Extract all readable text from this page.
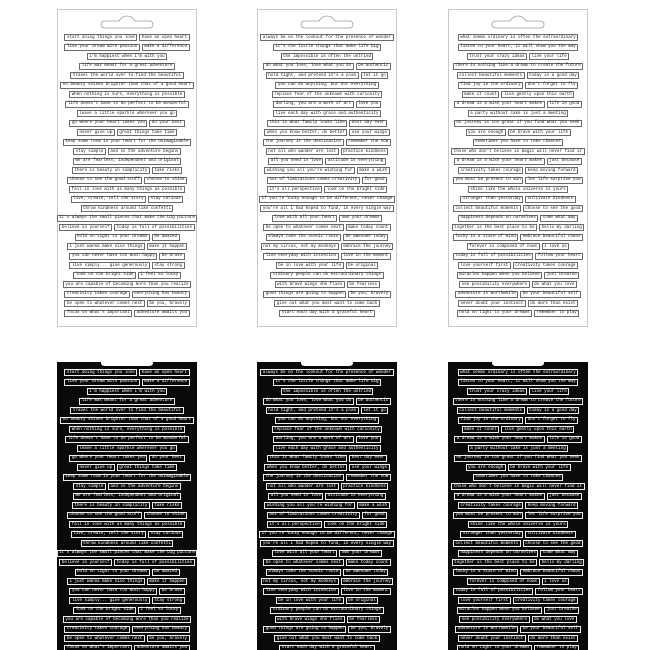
start doing things you love	have an open heart
live your dream with passion	make a difference
i'm happiest when i'm with you
life was meant for a great adventure
travel the world over to find the beautiful
no beauty shines brighter than that of a good heart
when nothing is sure, everything is possible
life doesn't have to be perfect to be wonderful
leave a little sparkle wherever you go
go where your heart takes you	do your best
never give up	great things take time
keep some room in your heart for the unimaginable
stay simple	and so the adventure begins
we are fearless, independent and original
there is beauty in simplicity	take risks
choose to see the good stuff	choose to shine
fall in love with as many things as possible
live, create, tell the story	stay curious
throw kindness around like confetti
it's always the small pieces that make the big picture
believe in yourself	today is full of possibilities
hold on tight to your dreams	be amazed
i just wanna make nice things	make it happen
you can never have too much happy	be brave
live simply... give generously	stay strong
look on the bright side	i feel so lucky
you are capable of becoming more than you realize
creativity takes courage	everything has beauty
be open to whatever comes next	be you, bravely
focus on what's important	adventure awaits you
always be on the lookout for the presence of wonder
it's the little things that make life big
the impossible is often the untried
do what you love, love what you do	be authentic
hold tight, and pretend it's a plan	let it go
you can do anything, but not everything
replace fear of the unknown with curiosity
darling, you are a work of art	love you
live each day with grace and authenticity
this is what family looks like	best day ever
when you know better, do better	use your wings
the journey is the destination	remember the now
not all who wander are lost	practice kindness
all you need is love	attitude is everything
wishing you all you're wishing for	make a wish
out of limitations comes creativity	for good
it's all perspective	look on the bright side
if you're lucky enough to be different, never change
you're all i had hoped to find, in every single way
love with all your heart	own your dreams
be open to whatever comes next	make today count
always take the scenic route	be awesome today
not my circus, not my monkeys	embrace the journey
live everyday with intention	live in the moment
be in love with your life	be original
ordinary people can do extraordinary things
with brave wings she flies	be fearless
good things are going to happen	be you, bravely
give out what you most want to come back
start each day with a grateful heart
what seems ordinary is often the extraordinary
listen to your heart, it will show you the way
trust your crazy ideas	live your life
there is nothing like a dream to create the future
collect beautiful moments	today is a good day
find joy in the ordinary	don't forget to fly
make it count	live gently upon this earth
a dream is a wish your heart makes	life is good
a party without cake is just a meeting
no journey is too great if you find what you seek
you are enough	be brave with your life
sometimes you have to take chances
those who don't believe in magic will never find it
a dream is a wish your heart makes	just because
creativity takes courage	keep moving forward
you must be present to win	let life surprise you
shine like the whole universe is yours
stronger than yesterday	cultivate kindness
collect beautiful moments	choose to see the good
happiness depends on ourselves	come what may
together is the best place to be	hello my darling
lucky is a state of mind	embrace beautiful chaos
forever is composed of nows	i love us
today is full of possibilities	follow your heart
love yourself first	creativity takes courage
miracles happen when you believe	just breathe
see possibility everywhere	do what you love
adventure is worthwhile	be your beautiful self
never doubt your instinct	do more than exist
hold on tight to your dreams	remember to play
start doing things you love	have an open heart
live your dream with passion	make a difference
i'm happiest when i'm with you
life was meant for a great adventure
travel the world over to find the beautiful
no beauty shines brighter than that of a good heart
when nothing is sure, everything is possible
life doesn't have to be perfect to be wonderful
leave a little sparkle wherever you go
go where your heart takes you	do your best
never give up	great things take time
keep some room in your heart for the unimaginable
stay simple	and so the adventure begins
we are fearless, independent and original
there is beauty in simplicity	take risks
choose to see the good stuff	choose to shine
fall in love with as many things as possible
live, create, tell the story	stay curious
throw kindness around like confetti
it's always the small pieces that make the big picture
believe in yourself	today is full of possibilities
hold on tight to your dreams	be amazed
i just wanna make nice things	make it happen
you can never have too much happy	be brave
live simply... give generously	stay strong
look on the bright side	i feel so lucky
you are capable of becoming more than you realize
creativity takes courage	everything has beauty
be open to whatever comes next	be you, bravely
focus on what's important	adventure awaits you
always be on the lookout for the presence of wonder
it's the little things that make life big
the impossible is often the untried
do what you love, love what you do	be authentic
hold tight, and pretend it's a plan	let it go
you can do anything, but not everything
replace fear of the unknown with curiosity
darling, you are a work of art	love you
live each day with grace and authenticity
this is what family looks like	best day ever
when you know better, do better	use your wings
the journey is the destination	remember the now
not all who wander are lost	practice kindness
all you need is love	attitude is everything
wishing you all you're wishing for	make a wish
out of limitations comes creativity	for good
it's all perspective	look on the bright side
if you're lucky enough to be different, never change
you're all i had hoped to find, in every single way
love with all your heart	own your dreams
be open to whatever comes next	make today count
always take the scenic route	be awesome today
not my circus, not my monkeys	embrace the journey
live everyday with intention	live in the moment
be in love with your life	be original
ordinary people can do extraordinary things
with brave wings she flies	be fearless
good things are going to happen	be you, bravely
give out what you most want to come back
start each day with a grateful heart
what seems ordinary is often the extraordinary
listen to your heart, it will show you the way
trust your crazy ideas	live your life
there is nothing like a dream to create the future
collect beautiful moments	today is a good day
find joy in the ordinary	don't forget to fly
make it count	live gently upon this earth
a dream is a wish your heart makes	life is good
a party without cake is just a meeting
no journey is too great if you find what you seek
you are enough	be brave with your life
sometimes you have to take chances
those who don't believe in magic will never find it
a dream is a wish your heart makes	just because
creativity takes courage	keep moving forward
you must be present to win	let life surprise you
shine like the whole universe is yours
stronger than yesterday	cultivate kindness
collect beautiful moments	choose to see the good
happiness depends on ourselves	come what may
together is the best place to be	hello my darling
lucky is a state of mind	embrace beautiful chaos
forever is composed of nows	i love us
today is full of possibilities	follow your heart
love yourself first	creativity takes courage
miracles happen when you believe	just breathe
see possibility everywhere	do what you love
adventure is worthwhile	be your beautiful self
never doubt your instinct	do more than exist
hold on tight to your dreams	remember to play
